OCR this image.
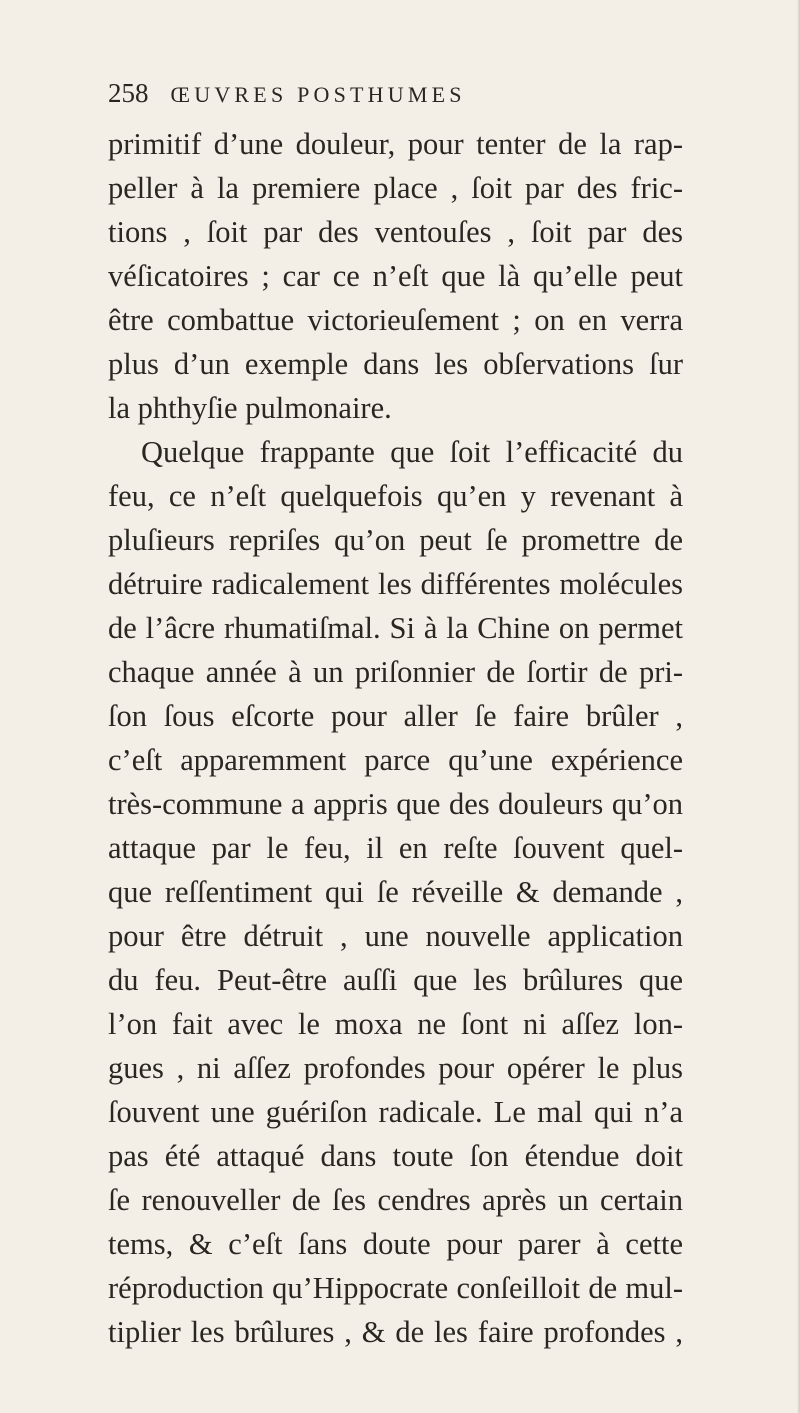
258 ŒUVRES POSTHUMES
primitif d’une douleur, pour tenter de la rap-
peller à la premiere place , ſoit par des fric-
tions , ſoit par des ventouſes , ſoit par des
véſicatoires ; car ce n’eſt que là qu’elle peut
être combattue victorieuſement ; on en verra
plus d’un exemple dans les obſervations ſur
la phthyſie pulmonaire.
Quelque frappante que ſoit l’efficacité du
feu, ce n’eſt quelquefois qu’en y revenant à
pluſieurs repriſes qu’on peut ſe promettre de
détruire radicalement les différentes molécules
de l’âcre rhumatiſmal. Si à la Chine on permet
chaque année à un priſonnier de ſortir de pri-
ſon ſous eſcorte pour aller ſe faire brûler ,
c’eſt apparemment parce qu’une expérience
très-commune a appris que des douleurs qu’on
attaque par le feu, il en reſte ſouvent quel-
que reſſentiment qui ſe réveille & demande ,
pour être détruit , une nouvelle application
du feu. Peut-être auſſi que les brûlures que
l’on fait avec le moxa ne ſont ni aſſez lon-
gues , ni aſſez profondes pour opérer le plus
ſouvent une guériſon radicale. Le mal qui n’a
pas été attaqué dans toute ſon étendue doit
ſe renouveller de ſes cendres après un certain
tems, & c’eſt ſans doute pour parer à cette
réproduction qu’Hippocrate conſeilloit de mul-
tiplier les brûlures , & de les faire profondes ,
